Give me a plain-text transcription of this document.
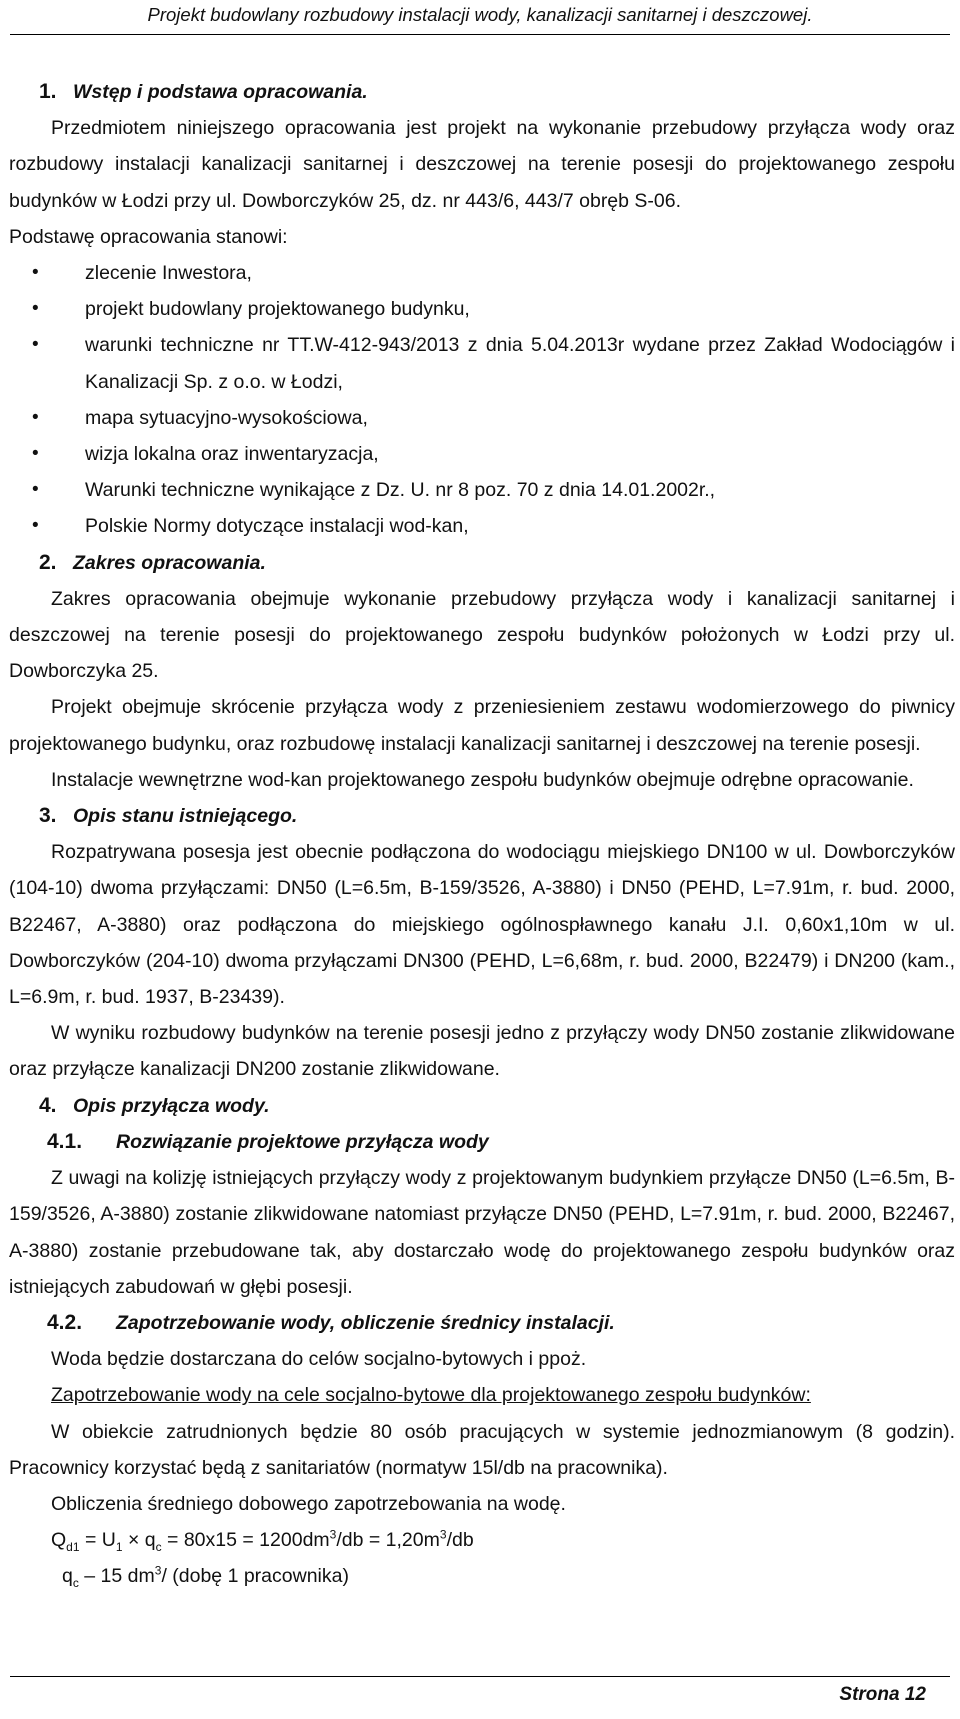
Projekt budowlany rozbudowy instalacji wody, kanalizacji sanitarnej i deszczowej.
1. Wstęp i podstawa opracowania.
Przedmiotem niniejszego opracowania jest projekt na wykonanie przebudowy przyłącza wody oraz rozbudowy instalacji kanalizacji sanitarnej i deszczowej na terenie posesji do projektowanego zespołu budynków w Łodzi przy ul. Dowborczyków 25, dz. nr 443/6, 443/7 obręb S-06.
Podstawę opracowania stanowi:
• zlecenie Inwestora,
• projekt budowlany projektowanego budynku,
• warunki techniczne nr TT.W-412-943/2013 z dnia 5.04.2013r wydane przez Zakład Wodociągów i Kanalizacji Sp. z o.o. w Łodzi,
• mapa sytuacyjno-wysokościowa,
• wizja lokalna oraz inwentaryzacja,
• Warunki techniczne wynikające z Dz. U. nr 8 poz. 70 z dnia 14.01.2002r.,
• Polskie Normy dotyczące instalacji wod-kan,
2. Zakres opracowania.
Zakres opracowania obejmuje wykonanie przebudowy przyłącza wody i kanalizacji sanitarnej i deszczowej na terenie posesji do projektowanego zespołu budynków położonych w Łodzi przy ul. Dowborczyka 25.
Projekt obejmuje skrócenie przyłącza wody z przeniesieniem zestawu wodomierzowego do piwnicy projektowanego budynku, oraz rozbudowę instalacji kanalizacji sanitarnej i deszczowej na terenie posesji.
Instalacje wewnętrzne wod-kan projektowanego zespołu budynków obejmuje odrębne opracowanie.
3. Opis stanu istniejącego.
Rozpatrywana posesja jest obecnie podłączona do wodociągu miejskiego DN100 w ul. Dowborczyków (104-10) dwoma przyłączami: DN50 (L=6.5m, B-159/3526, A-3880) i DN50 (PEHD, L=7.91m, r. bud. 2000, B22467, A-3880) oraz podłączona do miejskiego ogólnospławnego kanału J.I. 0,60x1,10m w ul. Dowborczyków (204-10) dwoma przyłączami DN300 (PEHD, L=6,68m, r. bud. 2000, B22479) i DN200 (kam., L=6.9m, r. bud. 1937, B-23439).
W wyniku rozbudowy budynków na terenie posesji jedno z przyłączy wody DN50 zostanie zlikwidowane oraz przyłącze kanalizacji DN200 zostanie zlikwidowane.
4. Opis przyłącza wody.
4.1. Rozwiązanie projektowe przyłącza wody
Z uwagi na kolizję istniejących przyłączy wody z projektowanym budynkiem przyłącze DN50 (L=6.5m, B-159/3526, A-3880) zostanie zlikwidowane natomiast przyłącze DN50 (PEHD, L=7.91m, r. bud. 2000, B22467, A-3880) zostanie przebudowane tak, aby dostarczało wodę do projektowanego zespołu budynków oraz istniejących zabudowań w głębi posesji.
4.2. Zapotrzebowanie wody, obliczenie średnicy instalacji.
Woda będzie dostarczana do celów socjalno-bytowych i ppoż.
Zapotrzebowanie wody na cele socjalno-bytowe dla projektowanego zespołu budynków:
W obiekcie zatrudnionych będzie 80 osób pracujących w systemie jednozmianowym (8 godzin). Pracownicy korzystać będą z sanitariatów (normatyw 15l/db na pracownika).
Obliczenia średniego dobowego zapotrzebowania na wodę.
$Q_{d1} = U_1 \times q_c = 80x15 = 1200dm^3/db = 1,20m^3/db$
$q_c - 15$ $dm^3/$ (dobę 1 pracownika)
Strona 12
